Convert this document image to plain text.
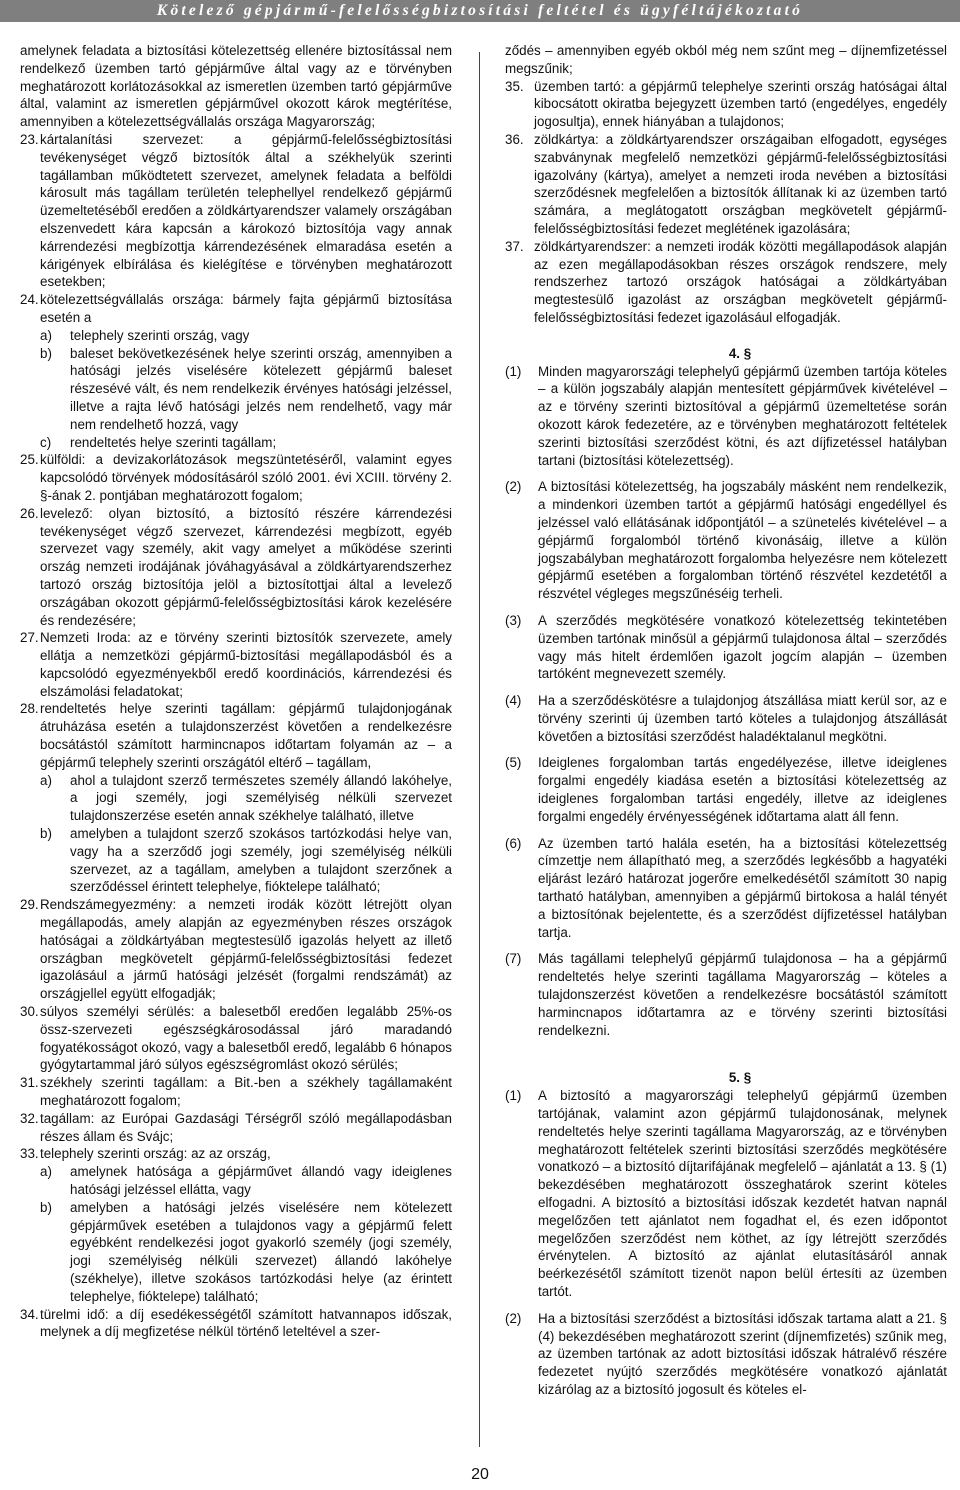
Kötelező gépjármű-felelősségbiztosítási feltétel és ügyféltájékoztató

amelynek feladata a biztosítási kötelezettség ellenére biztosítással nem rendelkező üzemben tartó gépjárműve által vagy az e törvényben meghatározott korlátozásokkal az ismeretlen üzemben tartó gépjárműve által, valamint az ismeretlen gépjárművel okozott károk megtérítése, amennyiben a kötelezettségvállalás országa Magyarország;

23. kártalanítási szervezet: a gépjármű-felelősségbiztosítási tevékenységet végző biztosítók által a székhelyük szerinti tagállamban működtetett szervezet, amelynek feladata a belföldi károsult más tagállam területén telephellyel rendelkező gépjármű üzemeltetéséből eredően a zöldkártyarendszer valamely országában elszenvedett kára kapcsán a károkozó biztosítója vagy annak kárrendezési megbízottja kárrendezésének elmaradása esetén a kárigények elbírálása és kielégítése e törvényben meghatározott esetekben;
24. kötelezettségvállalás országa: bármely fajta gépjármű biztosítása esetén a
a) telephely szerinti ország, vagy
b) baleset bekövetkezésének helye szerinti ország, amennyiben a hatósági jelzés viselésére kötelezett gépjármű baleset részesévé vált, és nem rendelkezik érvényes hatósági jelzéssel, illetve a rajta lévő hatósági jelzés nem rendelhető, vagy már nem rendelhető hozzá, vagy
c) rendeltetés helye szerinti tagállam;
25. külföldi: a devizakorlátozások megszüntetéséről, valamint egyes kapcsolódó törvények módosításáról szóló 2001. évi XCIII. törvény 2. §-ának 2. pontjában meghatározott fogalom;
26. levelező: olyan biztosító, a biztosító részére kárrendezési tevékenységet végző szervezet, kárrendezési megbízott, egyéb szervezet vagy személy, akit vagy amelyet a működése szerinti ország nemzeti irodájának jóváhagyásával a zöldkártyarendszerhez tartozó ország biztosítója jelöl a biztosítottjai által a levelező országában okozott gépjármű-felelősségbiztosítási károk kezelésére és rendezésére;
27. Nemzeti Iroda: az e törvény szerinti biztosítók szervezete, amely ellátja a nemzetközi gépjármű-biztosítási megállapodásból és a kapcsolódó egyezményekből eredő koordinációs, kárrendezési és elszámolási feladatokat;
28. rendeltetés helye szerinti tagállam: gépjármű tulajdonjogának átruházása esetén a tulajdonszerzést követően a rendelkezésre bocsátástól számított harmincnapos időtartam folyamán az – a gépjármű telephely szerinti országától eltérő – tagállam,
a) ahol a tulajdont szerző természetes személy állandó lakóhelye, a jogi személy, jogi személyiség nélküli szervezet tulajdonszerzése esetén annak székhelye található, illetve
b) amelyben a tulajdont szerző szokásos tartózkodási helye van, vagy ha a szerződő jogi személy, jogi személyiség nélküli szervezet, az a tagállam, amelyben a tulajdont szerzőnek a szerződéssel érintett telephelye, fióktelepe található;
29. Rendszámegyezmény: a nemzeti irodák között létrejött olyan megállapodás, amely alapján az egyezményben részes országok hatóságai a zöldkártyában megtestesülő igazolás helyett az illető országban megkövetelt gépjármű-felelősségbiztosítási fedezet igazolásául a jármű hatósági jelzését (forgalmi rendszámát) az országjellel együtt elfogadják;
30. súlyos személyi sérülés: a balesetből eredően legalább 25%-os össz-szervezeti egészségkárosodással járó maradandó fogyatékosságot okozó, vagy a balesetből eredő, legalább 6 hónapos gyógytartammal járó súlyos egészségromlást okozó sérülés;
31. székhely szerinti tagállam: a Bit.-ben a székhely tagállamaként meghatározott fogalom;
32. tagállam: az Európai Gazdasági Térségről szóló megállapodásban részes állam és Svájc;
33. telephely szerinti ország: az az ország,
a) amelynek hatósága a gépjárművet állandó vagy ideiglenes hatósági jelzéssel ellátta, vagy
b) amelyben a hatósági jelzés viselésére nem kötelezett gépjárművek esetében a tulajdonos vagy a gépjármű felett egyébként rendelkezési jogot gyakorló személy (jogi személy, jogi személyiség nélküli szervezet) állandó lakóhelye (székhelye), illetve szokásos tartózkodási helye (az érintett telephelye, fióktelepe) található;
34. türelmi idő: a díj esedékességétől számított hatvannapos időszak, melynek a díj megfizetése nélkül történő leteltével a szer-

ződés – amennyiben egyéb okból még nem szűnt meg – díjnemfizetéssel megszűnik;

35. üzemben tartó: a gépjármű telephelye szerinti ország hatóságai által kibocsátott okiratba bejegyzett üzemben tartó (engedélyes, engedély jogosultja), ennek hiányában a tulajdonos;
36. zöldkártya: a zöldkártyarendszer országaiban elfogadott, egységes szabványnak megfelelő nemzetközi gépjármű-felelősségbiztosítási igazolvány (kártya), amelyet a nemzeti iroda nevében a biztosítási szerződésnek megfelelően a biztosítók állítanak ki az üzemben tartó számára, a meglátogatott országban megkövetelt gépjármű-felelősségbiztosítási fedezet meglétének igazolására;
37. zöldkártyarendszer: a nemzeti irodák közötti megállapodások alapján az ezen megállapodásokban részes országok rendszere, mely rendszerhez tartozó országok hatóságai a zöldkártyában megtestesülő igazolást az országban megkövetelt gépjármű-felelősségbiztosítási fedezet igazolásául elfogadják.
4. §
(1) Minden magyarországi telephelyű gépjármű üzemben tartója köteles – a külön jogszabály alapján mentesített gépjárművek kivételével – az e törvény szerinti biztosítóval a gépjármű üzemeltetése során okozott károk fedezetére, az e törvényben meghatározott feltételek szerinti biztosítási szerződést kötni, és azt díjfizetéssel hatályban tartani (biztosítási kötelezettség).
(2) A biztosítási kötelezettség, ha jogszabály másként nem rendelkezik, a mindenkori üzemben tartót a gépjármű hatósági engedéllyel és jelzéssel való ellátásának időpontjától – a szünetelés kivételével – a gépjármű forgalomból történő kivonásáig, illetve a külön jogszabályban meghatározott forgalomba helyezésre nem kötelezett gépjármű esetében a forgalomban történő részvétel kezdetétől a részvétel végleges megszűnéséig terheli.
(3) A szerződés megkötésére vonatkozó kötelezettség tekintetében üzemben tartónak minősül a gépjármű tulajdonosa által – szerződés vagy más hitelt érdemlően igazolt jogcím alapján – üzemben tartóként megnevezett személy.
(4) Ha a szerződéskötésre a tulajdonjog átszállása miatt kerül sor, az e törvény szerinti új üzemben tartó köteles a tulajdonjog átszállását követően a biztosítási szerződést haladéktalanul megkötni.
(5) Ideiglenes forgalomban tartás engedélyezése, illetve ideiglenes forgalmi engedély kiadása esetén a biztosítási kötelezettség az ideiglenes forgalomban tartási engedély, illetve az ideiglenes forgalmi engedély érvényességének időtartama alatt áll fenn.
(6) Az üzemben tartó halála esetén, ha a biztosítási kötelezettség címzettje nem állapítható meg, a szerződés legkésőbb a hagyatéki eljárást lezáró határozat jogerőre emelkedésétől számított 30 napig tartható hatályban, amennyiben a gépjármű birtokosa a halál tényét a biztosítónak bejelentette, és a szerződést díjfizetéssel hatályban tartja.
(7) Más tagállami telephelyű gépjármű tulajdonosa – ha a gépjármű rendeltetés helye szerinti tagállama Magyarország – köteles a tulajdonszerzést követően a rendelkezésre bocsátástól számított harmincnapos időtartamra az e törvény szerinti biztosítási rendelkezni.
5. §
(1) A biztosító a magyarországi telephelyű gépjármű üzemben tartójának, valamint azon gépjármű tulajdonosának, melynek rendeltetés helye szerinti tagállama Magyarország, az e törvényben meghatározott feltételek szerinti biztosítási szerződés megkötésére vonatkozó – a biztosító díjtarifájának megfelelő – ajánlatát a 13. § (1) bekezdésében meghatározott összeghatárok szerint köteles elfogadni. A biztosító a biztosítási időszak kezdetét hatvan napnál megelőzően tett ajánlatot nem fogadhat el, és ezen időpontot megelőzően szerződést nem köthet, az így létrejött szerződés érvénytelen. A biztosító az ajánlat elutasításáról annak beérkezésétől számított tizenöt napon belül értesíti az üzemben tartót.
(2) Ha a biztosítási szerződést a biztosítási időszak tartama alatt a 21. § (4) bekezdésében meghatározott szerint (díjnemfizetés) szűnik meg, az üzemben tartónak az adott biztosítási időszak hátralévő részére fedezetet nyújtó szerződés megkötésére vonatkozó ajánlatát kizárólag az a biztosító jogosult és köteles el-
20
